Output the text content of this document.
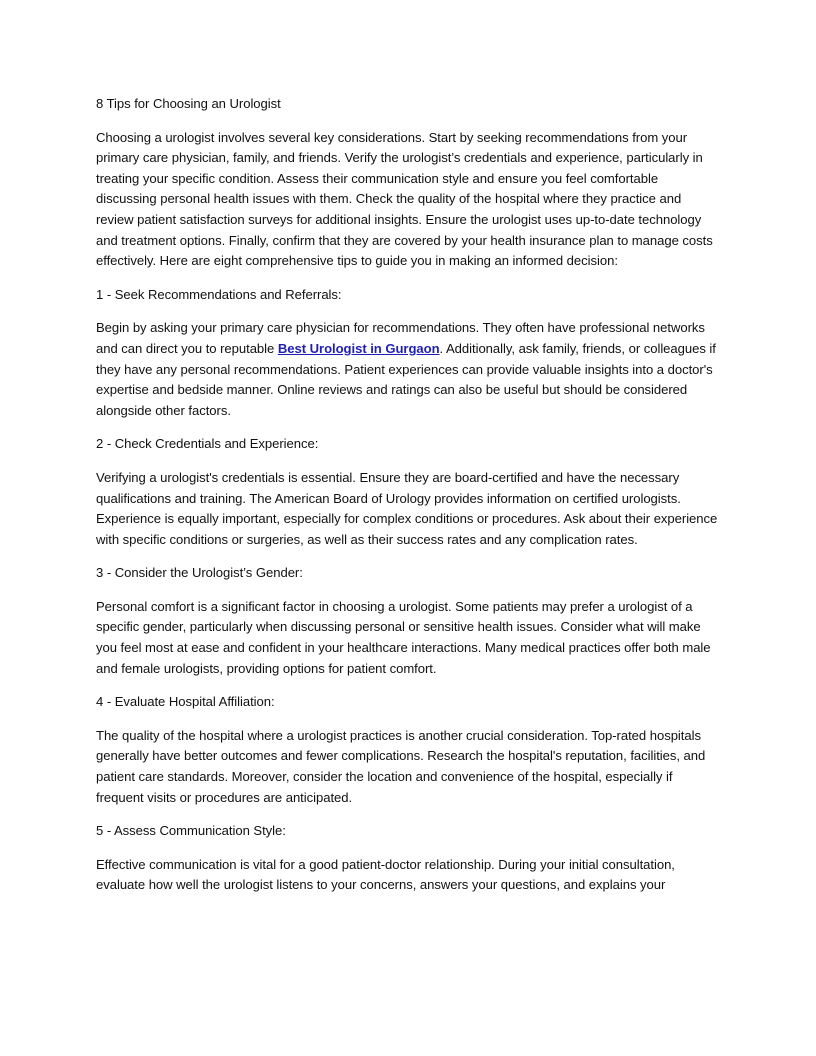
8 Tips for Choosing an Urologist

Choosing a urologist involves several key considerations. Start by seeking recommendations from your primary care physician, family, and friends. Verify the urologist’s credentials and experience, particularly in treating your specific condition. Assess their communication style and ensure you feel comfortable discussing personal health issues with them. Check the quality of the hospital where they practice and review patient satisfaction surveys for additional insights. Ensure the urologist uses up-to-date technology and treatment options. Finally, confirm that they are covered by your health insurance plan to manage costs effectively. Here are eight comprehensive tips to guide you in making an informed decision:

1 - Seek Recommendations and Referrals:

Begin by asking your primary care physician for recommendations. They often have professional networks and can direct you to reputable Best Urologist in Gurgaon. Additionally, ask family, friends, or colleagues if they have any personal recommendations. Patient experiences can provide valuable insights into a doctor's expertise and bedside manner. Online reviews and ratings can also be useful but should be considered alongside other factors.

2 - Check Credentials and Experience:

Verifying a urologist's credentials is essential. Ensure they are board-certified and have the necessary qualifications and training. The American Board of Urology provides information on certified urologists. Experience is equally important, especially for complex conditions or procedures. Ask about their experience with specific conditions or surgeries, as well as their success rates and any complication rates.

3 - Consider the Urologist’s Gender:

Personal comfort is a significant factor in choosing a urologist. Some patients may prefer a urologist of a specific gender, particularly when discussing personal or sensitive health issues. Consider what will make you feel most at ease and confident in your healthcare interactions. Many medical practices offer both male and female urologists, providing options for patient comfort.

4 - Evaluate Hospital Affiliation:

The quality of the hospital where a urologist practices is another crucial consideration. Top-rated hospitals generally have better outcomes and fewer complications. Research the hospital's reputation, facilities, and patient care standards. Moreover, consider the location and convenience of the hospital, especially if frequent visits or procedures are anticipated.

5 - Assess Communication Style:

Effective communication is vital for a good patient-doctor relationship. During your initial consultation, evaluate how well the urologist listens to your concerns, answers your questions, and explains your
